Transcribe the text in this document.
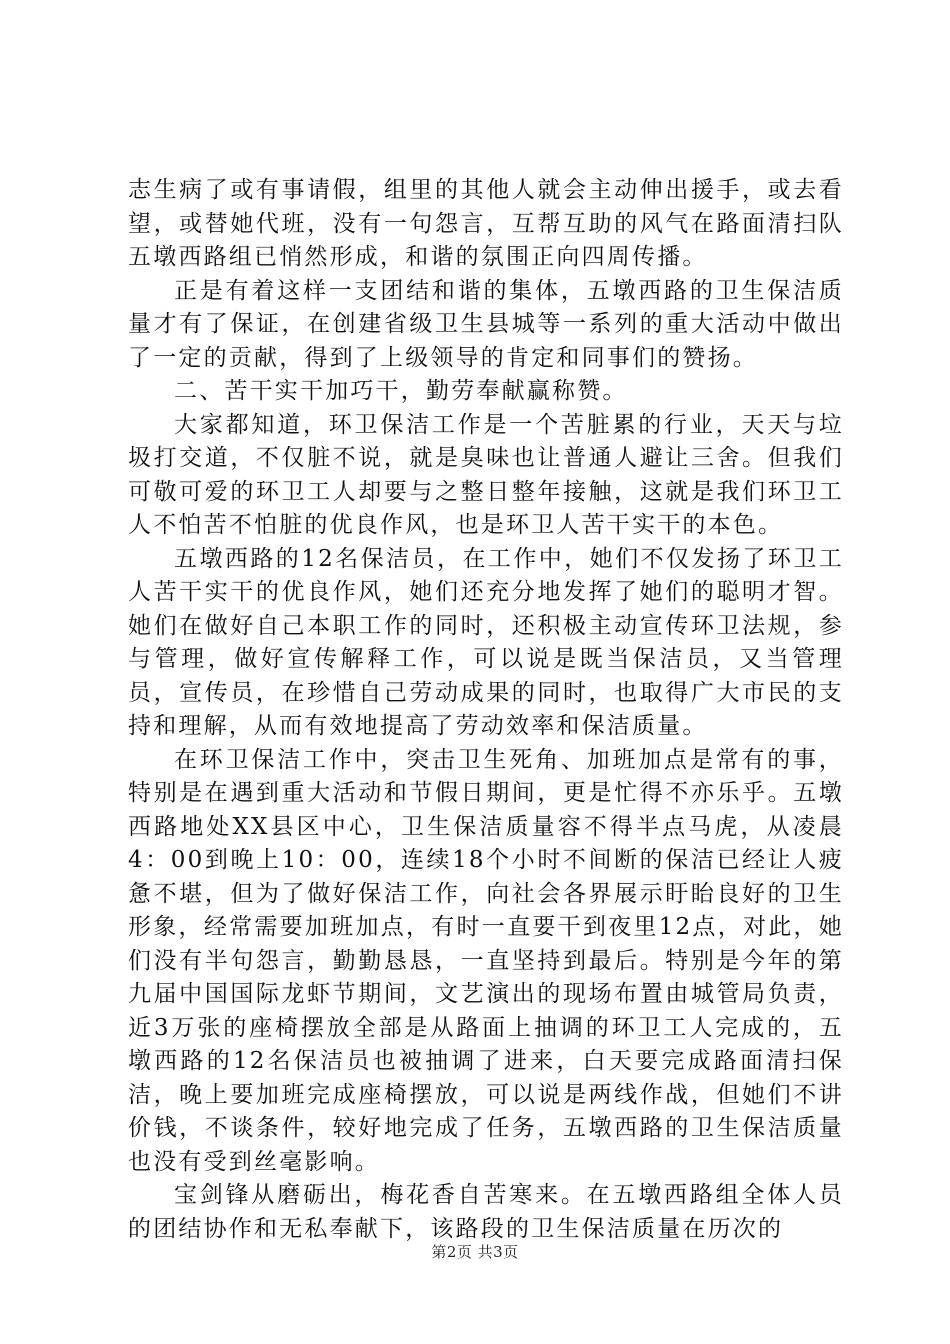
志生病了或有事请假，组里的其他人就会主动伸出援手，或去看望，或替她代班，没有一句怨言，互帮互助的风气在路面清扫队五墩西路组已悄然形成，和谐的氛围正向四周传播。

正是有着这样一支团结和谐的集体，五墩西路的卫生保洁质量才有了保证，在创建省级卫生县城等一系列的重大活动中做出了一定的贡献，得到了上级领导的肯定和同事们的赞扬。

二、苦干实干加巧干，勤劳奉献赢称赞。

大家都知道，环卫保洁工作是一个苦脏累的行业，天天与垃圾打交道，不仅脏不说，就是臭味也让普通人避让三舍。但我们可敬可爱的环卫工人却要与之整日整年接触，这就是我们环卫工人不怕苦不怕脏的优良作风，也是环卫人苦干实干的本色。

五墩西路的12名保洁员，在工作中，她们不仅发扬了环卫工人苦干实干的优良作风，她们还充分地发挥了她们的聪明才智。她们在做好自己本职工作的同时，还积极主动宣传环卫法规，参与管理，做好宣传解释工作，可以说是既当保洁员，又当管理员，宣传员，在珍惜自己劳动成果的同时，也取得广大市民的支持和理解，从而有效地提高了劳动效率和保洁质量。

在环卫保洁工作中，突击卫生死角、加班加点是常有的事，特别是在遇到重大活动和节假日期间，更是忙得不亦乐乎。五墩西路地处XX县区中心，卫生保洁质量容不得半点马虎，从凌晨4：00到晚上10：00，连续18个小时不间断的保洁已经让人疲惫不堪，但为了做好保洁工作，向社会各界展示盱眙良好的卫生形象，经常需要加班加点，有时一直要干到夜里12点，对此，她们没有半句怨言，勤勤恳恳，一直坚持到最后。特别是今年的第九届中国国际龙虾节期间，文艺演出的现场布置由城管局负责，近3万张的座椅摆放全部是从路面上抽调的环卫工人完成的，五墩西路的12名保洁员也被抽调了进来，白天要完成路面清扫保洁，晚上要加班完成座椅摆放，可以说是两线作战，但她们不讲价钱，不谈条件，较好地完成了任务，五墩西路的卫生保洁质量也没有受到丝毫影响。

宝剑锋从磨砺出，梅花香自苦寒来。在五墩西路组全体人员的团结协作和无私奉献下，该路段的卫生保洁质量在历次的

第2页 共3页
